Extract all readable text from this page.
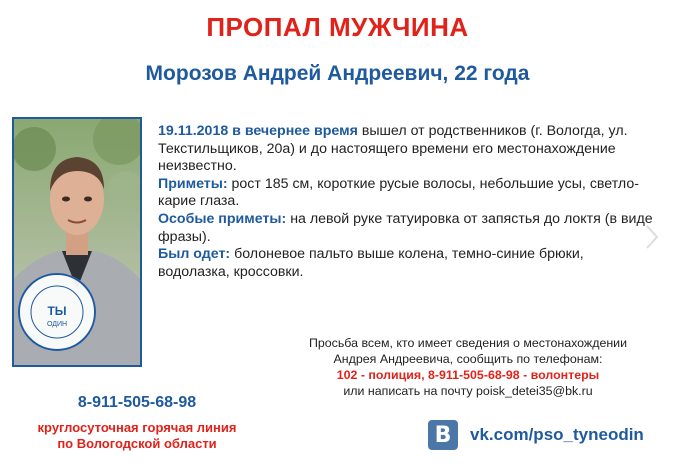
ПРОПАЛ МУЖЧИНА
Морозов Андрей Андреевич, 22 года
ТЫ
ОДИН

19.11.2018 в вечернее время вышел от родственников (г. Вологда, ул. Текстильщиков, 20а) и до настоящего времени его местонахождение неизвестно.

Приметы: рост 185 см, короткие русые волосы, небольшие усы, светло-карие глаза.

Особые приметы: на левой руке татуировка от запястья до локтя (в виде фразы).

Был одет: болоневое пальто выше колена, темно-синие брюки, водолазка, кроссовки.

Просьба всем, кто имеет сведения о местонахождении
Андрея Андреевича, сообщить по телефонам:
102 - полиция, 8-911-505-68-98 - волонтеры
или написать на почту poisk_detei35@bk.ru
8-911-505-68-98
круглосуточная горячая линия
по Вологодской области	В	vk.com/pso_tyneodin
